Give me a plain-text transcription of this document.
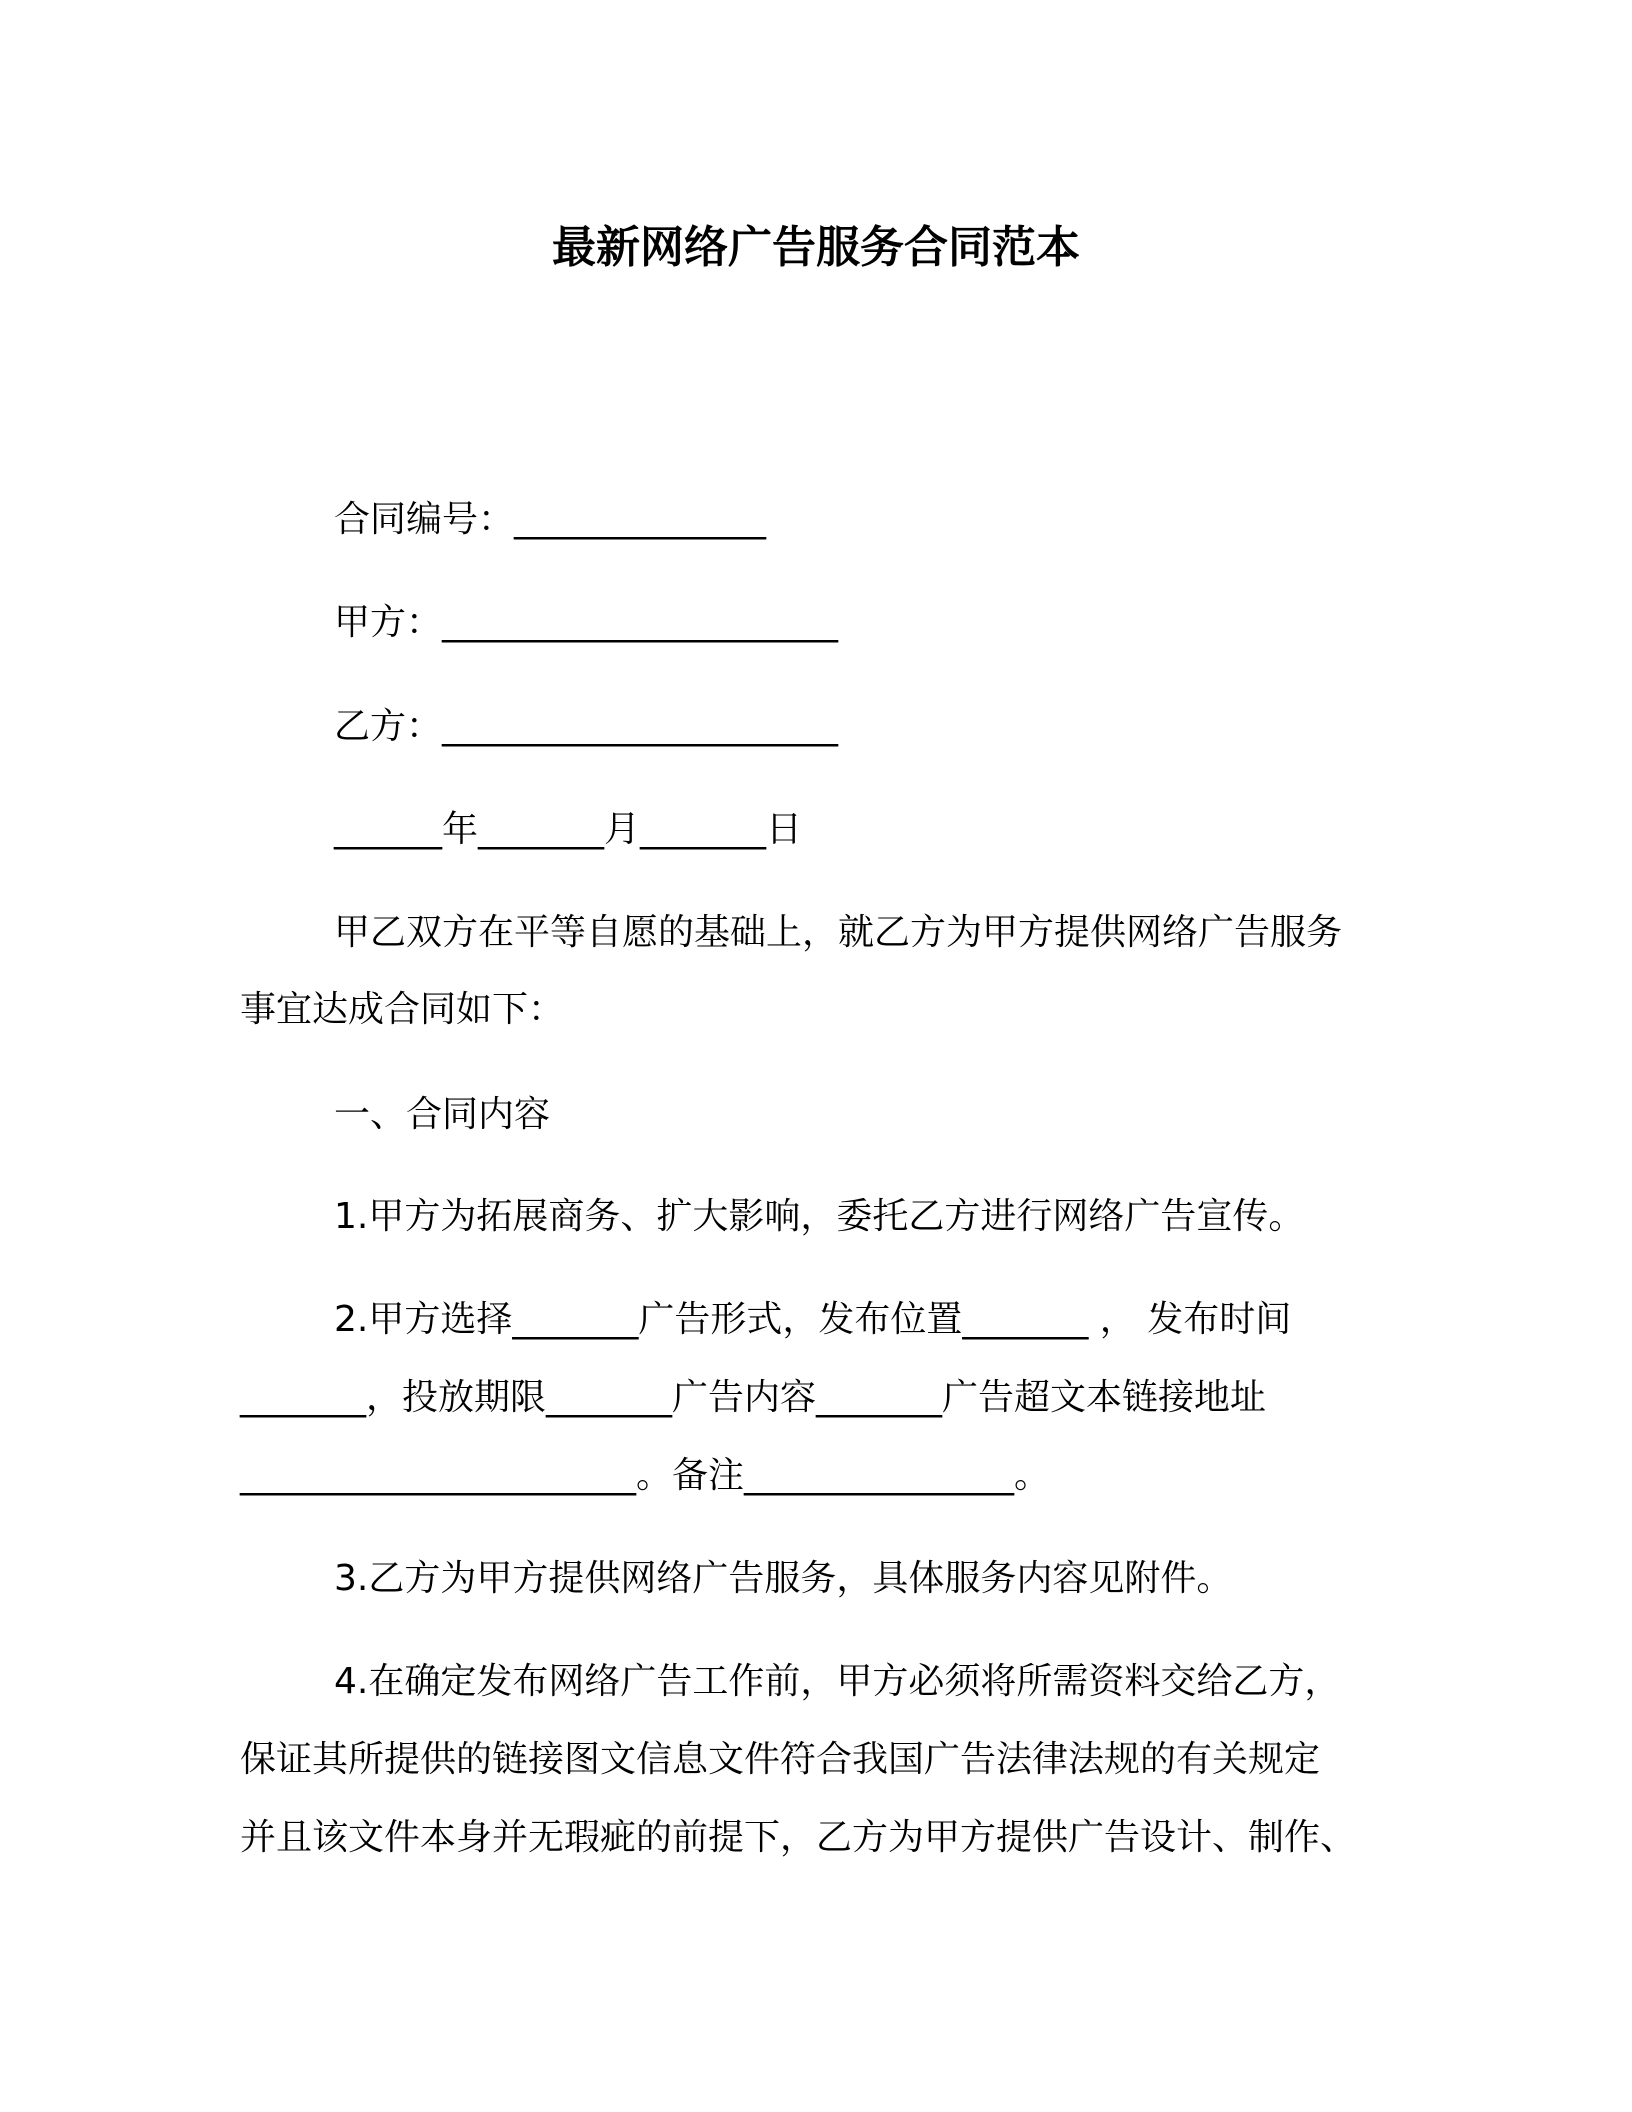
最新网络广告服务合同范本
合同编号：______________
甲方：______________________
乙方：______________________
______年_______月_______日
甲乙双方在平等自愿的基础上，就乙方为甲方提供网络广告服务
事宜达成合同如下：
一、合同内容
1.甲方为拓展商务、扩大影响，委托乙方进行网络广告宣传。
2.甲方选择_______广告形式，发布位置_______ ， 发布时间
_______，投放期限_______广告内容_______广告超文本链接地址
______________________。备注_______________。
3.乙方为甲方提供网络广告服务，具体服务内容见附件。
4.在确定发布网络广告工作前，甲方必须将所需资料交给乙方，
保证其所提供的链接图文信息文件符合我国广告法律法规的有关规定
并且该文件本身并无瑕疵的前提下，乙方为甲方提供广告设计、制作、
